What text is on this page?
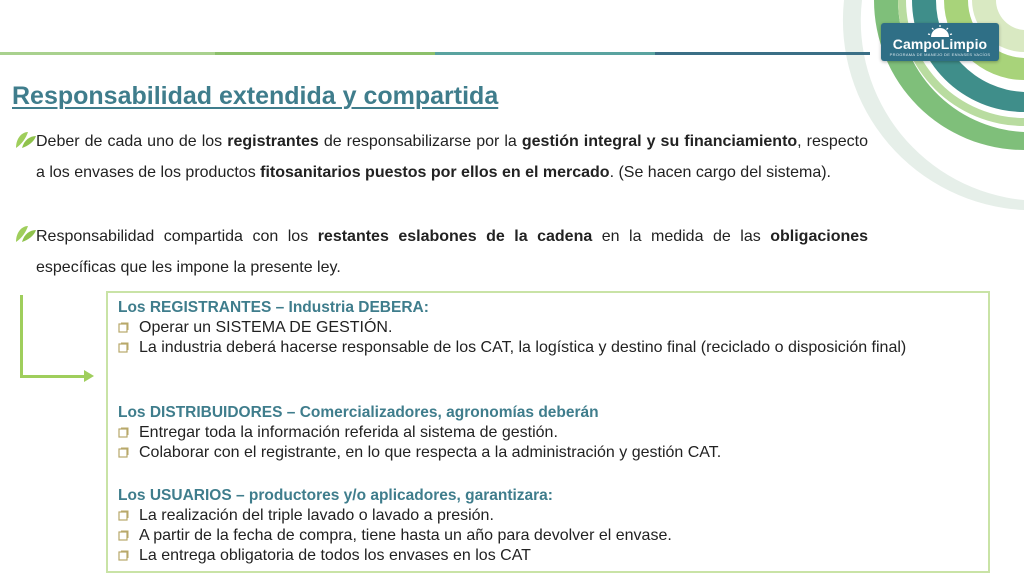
CampoLimpio
PROGRAMA DE MANEJO DE ENVASES VACÍOS
Responsabilidad extendida y compartida

Deber de cada uno de los registrantes de responsabilizarse por la gestión integral y su financiamiento, respecto a los envases de los productos fitosanitarios puestos por ellos en el mercado. (Se hacen cargo del sistema).

Responsabilidad compartida con los restantes eslabones de la cadena en la medida de las obligaciones específicas que les impone la presente ley.

Los REGISTRANTES – Industria DEBERA:
Operar un SISTEMA DE GESTIÓN.
La industria deberá hacerse responsable de los CAT, la logística y destino final (reciclado o disposición final)
Los DISTRIBUIDORES – Comercializadores, agronomías deberán
Entregar toda la información referida al sistema de gestión.
Colaborar con el registrante, en lo que respecta a la administración y gestión CAT.
Los USUARIOS – productores y/o aplicadores, garantizara:
La realización del triple lavado o lavado a presión.
A partir de la fecha de compra, tiene hasta un año para devolver el envase.
La entrega obligatoria de todos los envases en los CAT
